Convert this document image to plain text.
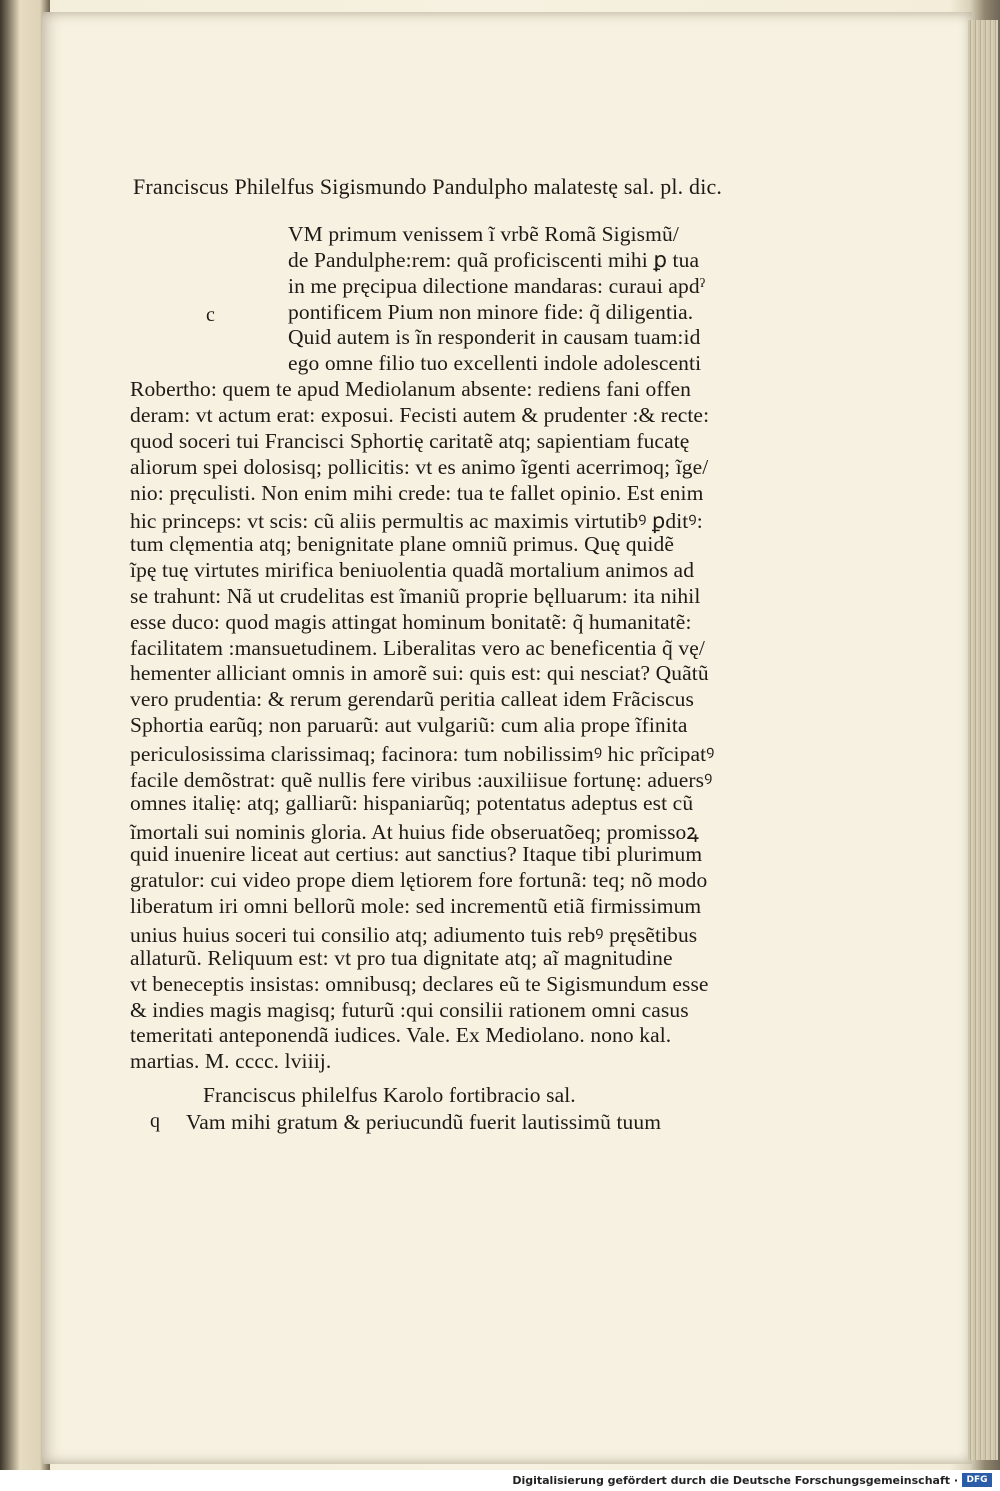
Franciscus Philelfus Sigismundo Pandulpho malatestę sal. pl. dic.
c
VM primum venissem ĩ vrbẽ Romã Sigismũ/
de Pandulphe:rem: quã proficiscenti mihi ꝑ tua
in me pręcipua dilectione mandaras: curaui apdˀ
pontificem Pium non minore fide: q̃ diligentia.
Quid autem is ĩn responderit in causam tuam:id
ego omne filio tuo excellenti indole adolescenti
Robertho: quem te apud Mediolanum absente: rediens fani offen
deram: vt actum erat: exposui. Fecisti autem & prudenter :& recte:
quod soceri tui Francisci Sphortię caritatẽ atq; sapientiam fucatę
aliorum spei dolosisq; pollicitis: vt es animo ĩgenti acerrimoq; ĩge/
nio: pręculisti. Non enim mihi crede: tua te fallet opinio. Est enim
hic princeps: vt scis: cũ aliis permultis ac maximis virtutibꝰ ꝑditꝰ:
tum clęmentia atq; benignitate plane omniũ primus. Quę quidẽ
ĩpę tuę virtutes mirifica beniuolentia quadã mortalium animos ad
se trahunt: Nã ut crudelitas est ĩmaniũ proprie bęlluarum: ita nihil
esse duco: quod magis attingat hominum bonitatẽ: q̃ humanitatẽ:
facilitatem :mansuetudinem. Liberalitas vero ac beneficentia q̃ vę/
hementer alliciant omnis in amorẽ sui: quis est: qui nesciat? Quãtũ
vero prudentia: & rerum gerendarũ peritia calleat idem Frãciscus
Sphortia earũq; non paruarũ: aut vulgariũ: cum alia prope ĩfinita
periculosissima clarissimaq; facinora: tum nobilissimꝰ hic prĩcipatꝰ
facile demõstrat: quẽ nullis fere viribus :auxiliisue fortunę: aduersꝰ
omnes italię: atq; galliarũ: hispaniarũq; potentatus adeptus est cũ
ĩmortali sui nominis gloria. At huius fide obseruatõeq; promissoꝝ
quid inuenire liceat aut certius: aut sanctius? Itaque tibi plurimum
gratulor: cui video prope diem lętiorem fore fortunã: teq; nõ modo
liberatum iri omni bellorũ mole: sed incrementũ etiã firmissimum
unius huius soceri tui consilio atq; adiumento tuis rebꝰ pręsẽtibus
allaturũ. Reliquum est: vt pro tua dignitate atq; aĩ magnitudine
vt beneceptis insistas: omnibusq; declares eũ te Sigismundum esse
& indies magis magisq; futurũ :qui consilii rationem omni casus
temeritati anteponendã iudices. Vale. Ex Mediolano. nono kal.
martias. M. cccc. lviiij.
Franciscus philelfus Karolo fortibracio sal.
q Vam mihi gratum & periucundũ fuerit lautissimũ tuum
Digitalisierung gefördert durch die Deutsche Forschungsgemeinschaft · DFG
